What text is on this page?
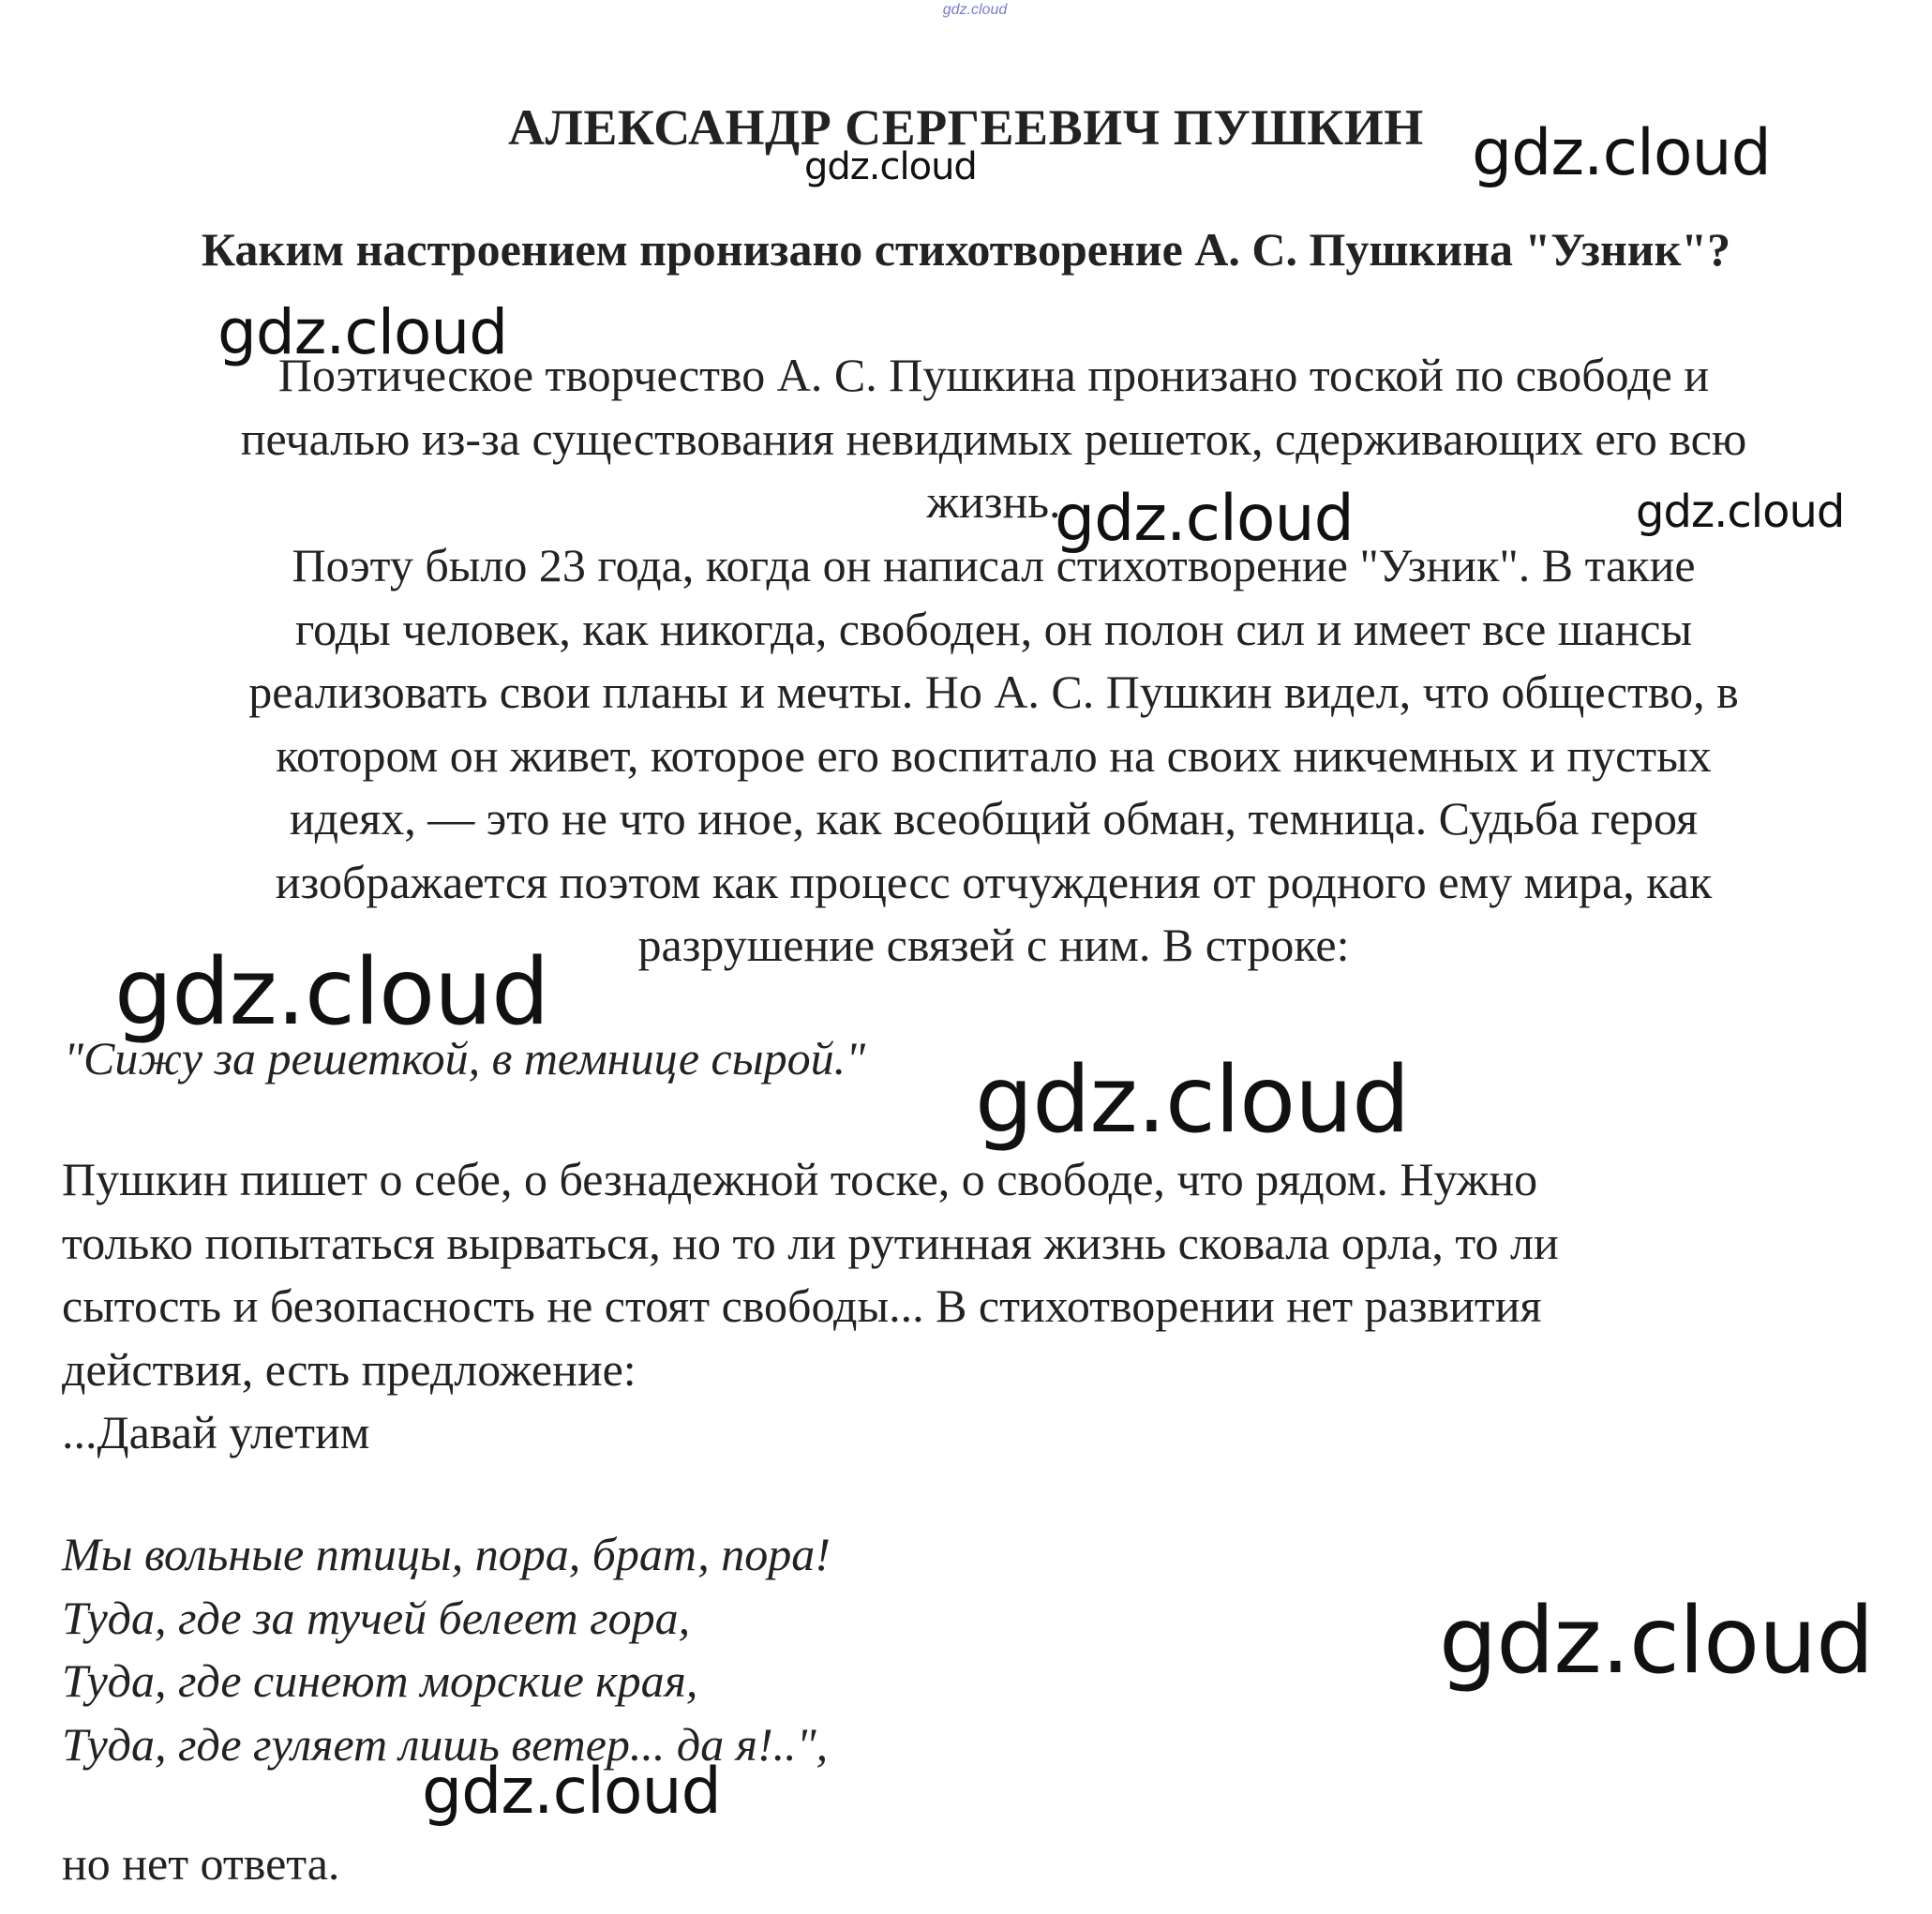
gdz.cloud
АЛЕКСАНДР СЕРГЕЕВИЧ ПУШКИН
Каким настроением пронизано стихотворение А. С. Пушкина "Узник"?
Поэтическое творчество А. С. Пушкина пронизано тоской по свободе и
печалью из-за существования невидимых решеток, сдерживающих его всю
жизнь.
Поэту было 23 года, когда он написал стихотворение "Узник". В такие
годы человек, как никогда, свободен, он полон сил и имеет все шансы
реализовать свои планы и мечты. Но А. С. Пушкин видел, что общество, в
котором он живет, которое его воспитало на своих никчемных и пустых
идеях, — это не что иное, как всеобщий обман, темница. Судьба героя
изображается поэтом как процесс отчуждения от родного ему мира, как
разрушение связей с ним. В строке:
"Сижу за решеткой, в темнице сырой."
Пушкин пишет о себе, о безнадежной тоске, о свободе, что рядом. Нужно
только попытаться вырваться, но то ли рутинная жизнь сковала орла, то ли
сытость и безопасность не стоят свободы... В стихотворении нет развития
действия, есть предложение:
...Давай улетим
Мы вольные птицы, пора, брат, пора!
Туда, где за тучей белеет гора,
Туда, где синеют морские края,
Туда, где гуляет лишь ветер... да я!..",
но нет ответа.
gdz.cloud	gdz.cloud
gdz.cloud
gdz.cloud	gdz.cloud
gdz.cloud
gdz.cloud
gdz.cloud
gdz.cloud
